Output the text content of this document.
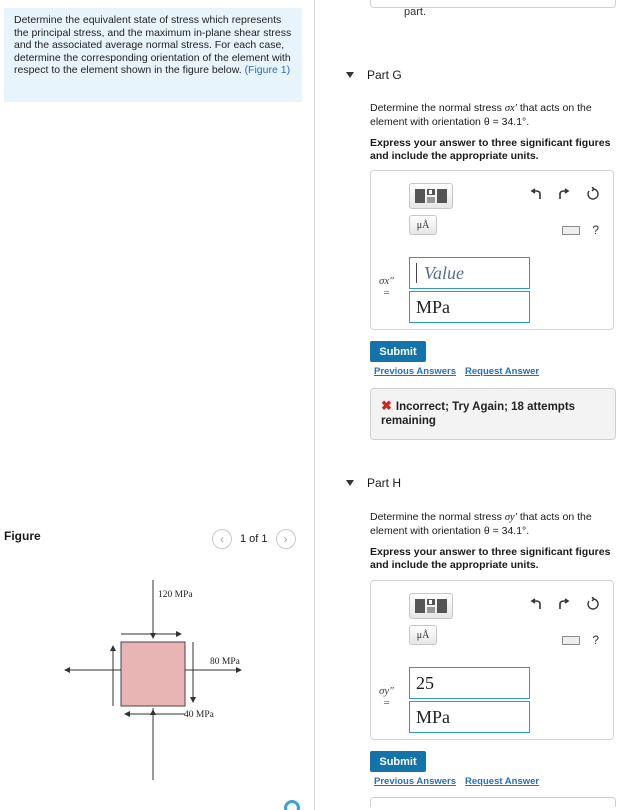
Determine the equivalent state of stress which represents the principal stress, and the maximum in-plane shear stress and the associated average normal stress. For each case, determine the corresponding orientation of the element with respect to the element shown in the figure below. (Figure 1)
Figure	‹	1 of 1	›
120 MPa
80 MPa
40 MPa
part.
Part G
Determine the normal stress σx′ that acts on the element with orientation θ = 34.1°.
Express your answer to three significant figures and include the appropriate units.
μÅ	?
σx″
=
Value
MPa
Submit
Previous Answers Request Answer
✖ Incorrect; Try Again; 18 attempts remaining
Part H
Determine the normal stress σy′ that acts on the element with orientation θ = 34.1°.
Express your answer to three significant figures and include the appropriate units.
μÅ	?
σy″
=
25
MPa
Submit
Previous Answers Request Answer
